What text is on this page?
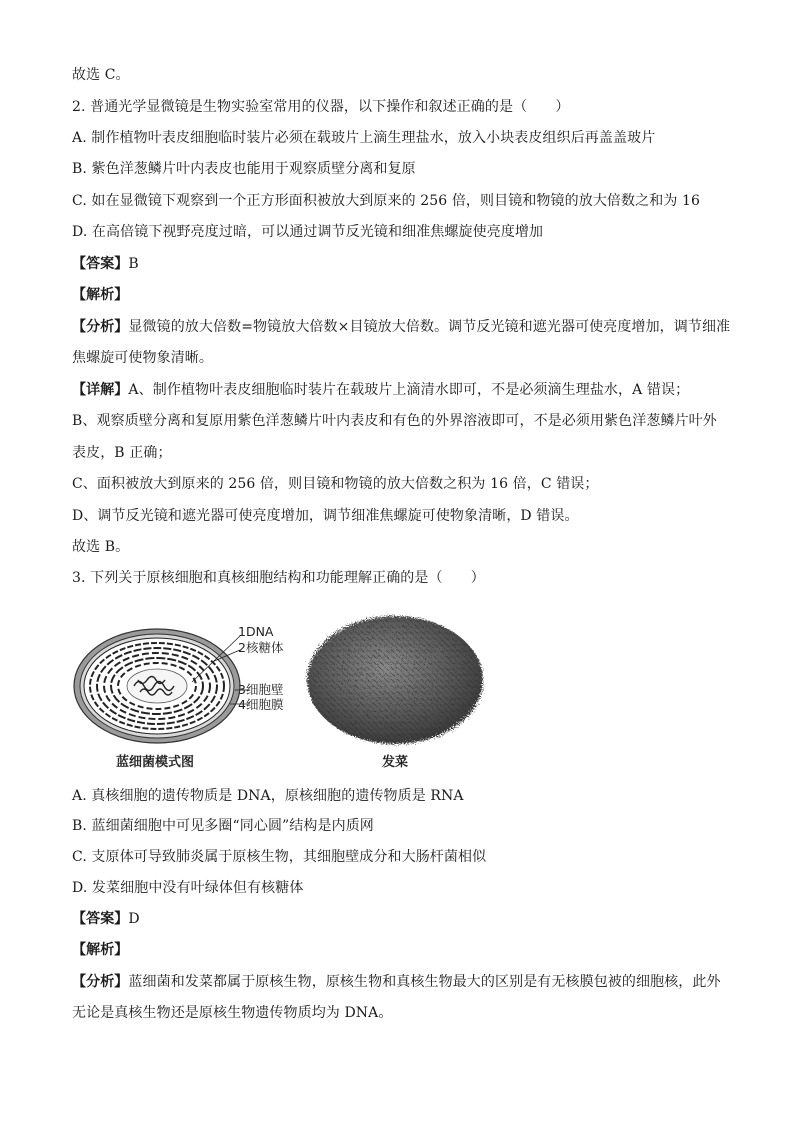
故选 C。
2. 普通光学显微镜是生物实验室常用的仪器，以下操作和叙述正确的是（　　）
A. 制作植物叶表皮细胞临时装片必须在载玻片上滴生理盐水，放入小块表皮组织后再盖盖玻片
B. 紫色洋葱鳞片叶内表皮也能用于观察质壁分离和复原
C. 如在显微镜下观察到一个正方形面积被放大到原来的 256 倍，则目镜和物镜的放大倍数之和为 16
D. 在高倍镜下视野亮度过暗，可以通过调节反光镜和细准焦螺旋使亮度增加
【答案】B
【解析】
【分析】显微镜的放大倍数=物镜放大倍数×目镜放大倍数。调节反光镜和遮光器可使亮度增加，调节细准
焦螺旋可使物象清晰。
【详解】A、制作植物叶表皮细胞临时装片在载玻片上滴清水即可，不是必须滴生理盐水，A 错误；
B、观察质壁分离和复原用紫色洋葱鳞片叶内表皮和有色的外界溶液即可，不是必须用紫色洋葱鳞片叶外
表皮，B 正确；
C、面积被放大到原来的 256 倍，则目镜和物镜的放大倍数之积为 16 倍，C 错误；
D、调节反光镜和遮光器可使亮度增加，调节细准焦螺旋可使物象清晰，D 错误。
故选 B。
3. 下列关于原核细胞和真核细胞结构和功能理解正确的是（　　）
1DNA
2核糖体
3细胞壁
4细胞膜
蓝细菌模式图	发菜
A. 真核细胞的遗传物质是 DNA，原核细胞的遗传物质是 RNA
B. 蓝细菌细胞中可见多圈“同心圆”结构是内质网
C. 支原体可导致肺炎属于原核生物，其细胞壁成分和大肠杆菌相似
D. 发菜细胞中没有叶绿体但有核糖体
【答案】D
【解析】
【分析】蓝细菌和发菜都属于原核生物，原核生物和真核生物最大的区别是有无核膜包被的细胞核，此外
无论是真核生物还是原核生物遗传物质均为 DNA。
